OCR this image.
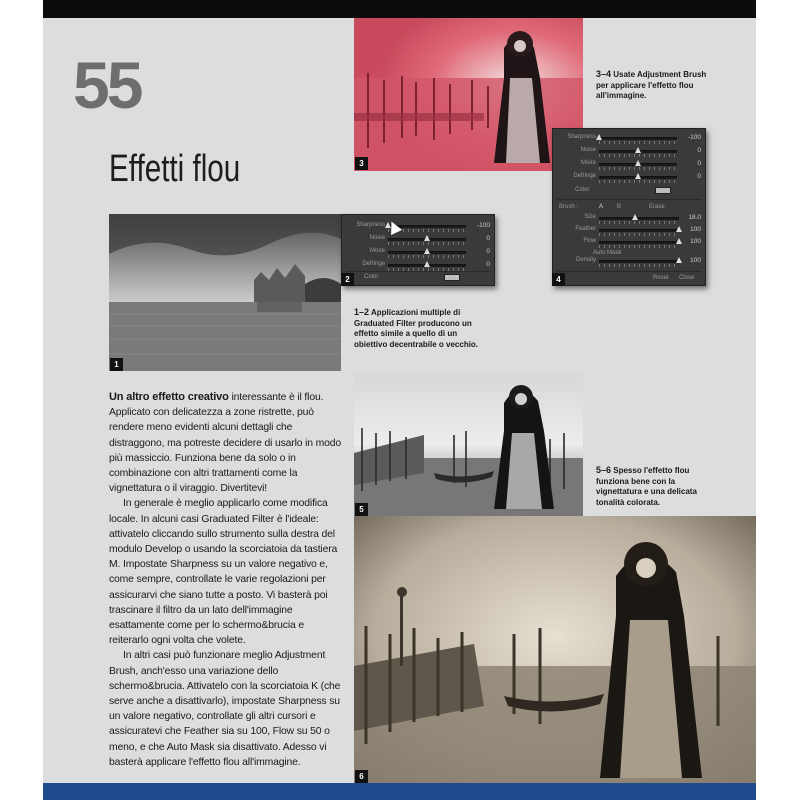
55
Effetti flou	3
3–4 Usate Adjustment Brush per applicare l'effetto flou all'immagine.
1
Sharpness	-100
Noise	0
Moire	0
Defringe	0
Color
2
1–2 Applicazioni multiple di Graduated Filter producono un effetto simile a quello di un obiettivo decentrabile o vecchio.
Sharpness	-100
Noise	0
Moire	0
Defringe	0
Color
Brush :	A B	Erase
Size	18.0
Feather	100
Flow	100
Auto Mask
Density	100
Reset Close
4

Un altro effetto creativo interessante è il flou. Applicato con delicatezza a zone ristrette, può rendere meno evidenti alcuni dettagli che distraggono, ma potreste decidere di usarlo in modo più massiccio. Funziona bene da solo o in combinazione con altri trattamenti come la vignettatura o il viraggio. Divertitevi!

In generale è meglio applicarlo come modifica locale. In alcuni casi Graduated Filter è l'ideale: attivatelo cliccando sullo strumento sulla destra del modulo Develop o usando la scorciatoia da tastiera M. Impostate Sharpness su un valore negativo e, come sempre, controllate le varie regolazioni per assicurarvi che siano tutte a posto. Vi basterà poi trascinare il filtro da un lato dell'immagine esattamente come per lo schermo&brucia e reiterarlo ogni volta che volete.

In altri casi può funzionare meglio Adjustment Brush, anch'esso una variazione dello schermo&brucia. Attivatelo con la scorciatoia K (che serve anche a disattivarlo), impostate Sharpness su un valore negativo, controllate gli altri cursori e assicuratevi che Feather sia su 100, Flow su 50 o meno, e che Auto Mask sia disattivato. Adesso vi basterà applicare l'effetto flou all'immagine.

5
5–6 Spesso l'effetto flou funziona bene con la vignettatura e una delicata tonalità colorata.
6
